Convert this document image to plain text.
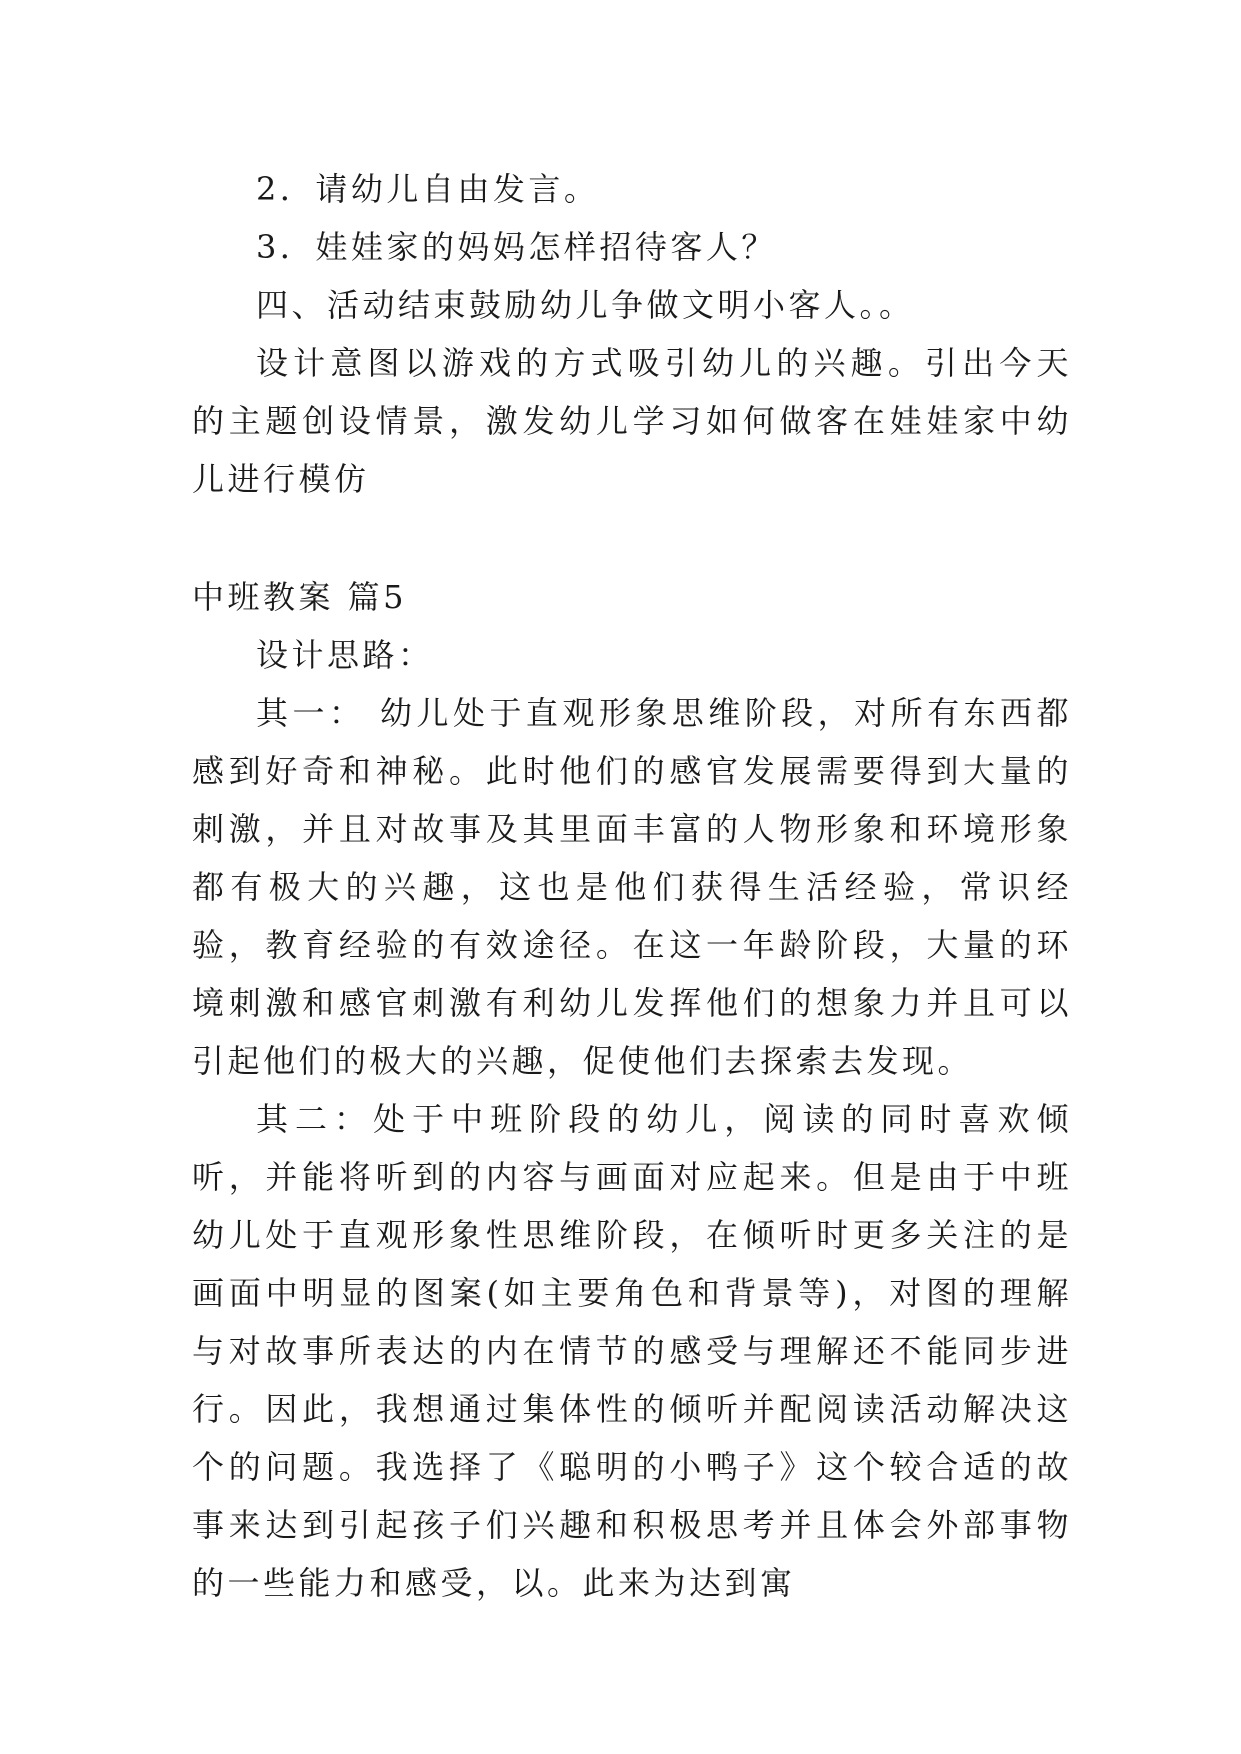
2．请幼儿自由发言。

3．娃娃家的妈妈怎样招待客人？

四、活动结束鼓励幼儿争做文明小客人。。

设计意图以游戏的方式吸引幼儿的兴趣。引出今天的主题创设情景，激发幼儿学习如何做客在娃娃家中幼儿进行模仿

中班教案 篇5

设计思路：

其一： 幼儿处于直观形象思维阶段，对所有东西都感到好奇和神秘。此时他们的感官发展需要得到大量的刺激，并且对故事及其里面丰富的人物形象和环境形象都有极大的兴趣，这也是他们获得生活经验，常识经验，教育经验的有效途径。在这一年龄阶段，大量的环境刺激和感官刺激有利幼儿发挥他们的想象力并且可以引起他们的极大的兴趣，促使他们去探索去发现。

其二：处于中班阶段的幼儿，阅读的同时喜欢倾听，并能将听到的内容与画面对应起来。但是由于中班幼儿处于直观形象性思维阶段，在倾听时更多关注的是画面中明显的图案(如主要角色和背景等)，对图的理解与对故事所表达的内在情节的感受与理解还不能同步进行。因此，我想通过集体性的倾听并配阅读活动解决这个的问题。我选择了《聪明的小鸭子》这个较合适的故事来达到引起孩子们兴趣和积极思考并且体会外部事物的一些能力和感受，以。此来为达到寓
